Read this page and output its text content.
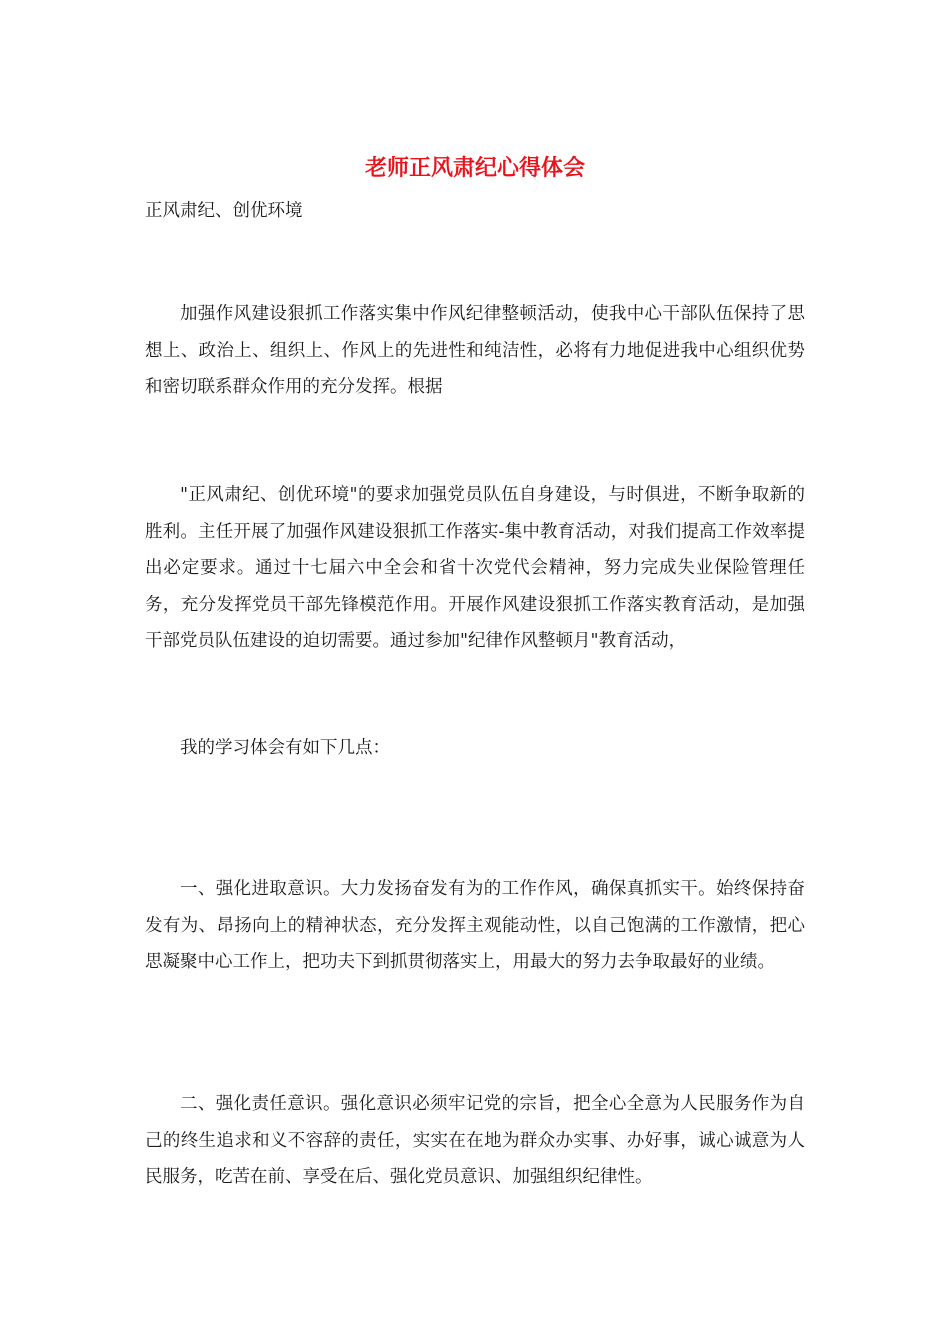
老师正风肃纪心得体会

正风肃纪、创优环境

加强作风建设狠抓工作落实集中作风纪律整顿活动，使我中心干部队伍保持了思想上、政治上、组织上、作风上的先进性和纯洁性，必将有力地促进我中心组织优势和密切联系群众作用的充分发挥。根据

"正风肃纪、创优环境"的要求加强党员队伍自身建设，与时俱进，不断争取新的胜利。主任开展了加强作风建设狠抓工作落实-集中教育活动，对我们提高工作效率提出必定要求。通过十七届六中全会和省十次党代会精神，努力完成失业保险管理任务，充分发挥党员干部先锋模范作用。开展作风建设狠抓工作落实教育活动，是加强干部党员队伍建设的迫切需要。通过参加"纪律作风整顿月"教育活动，

我的学习体会有如下几点：

一、强化进取意识。大力发扬奋发有为的工作作风，确保真抓实干。始终保持奋发有为、昂扬向上的精神状态，充分发挥主观能动性，以自己饱满的工作激情，把心思凝聚中心工作上，把功夫下到抓贯彻落实上，用最大的努力去争取最好的业绩。

二、强化责任意识。强化意识必须牢记党的宗旨，把全心全意为人民服务作为自己的终生追求和义不容辞的责任，实实在在地为群众办实事、办好事，诚心诚意为人民服务，吃苦在前、享受在后、强化党员意识、加强组织纪律性。
